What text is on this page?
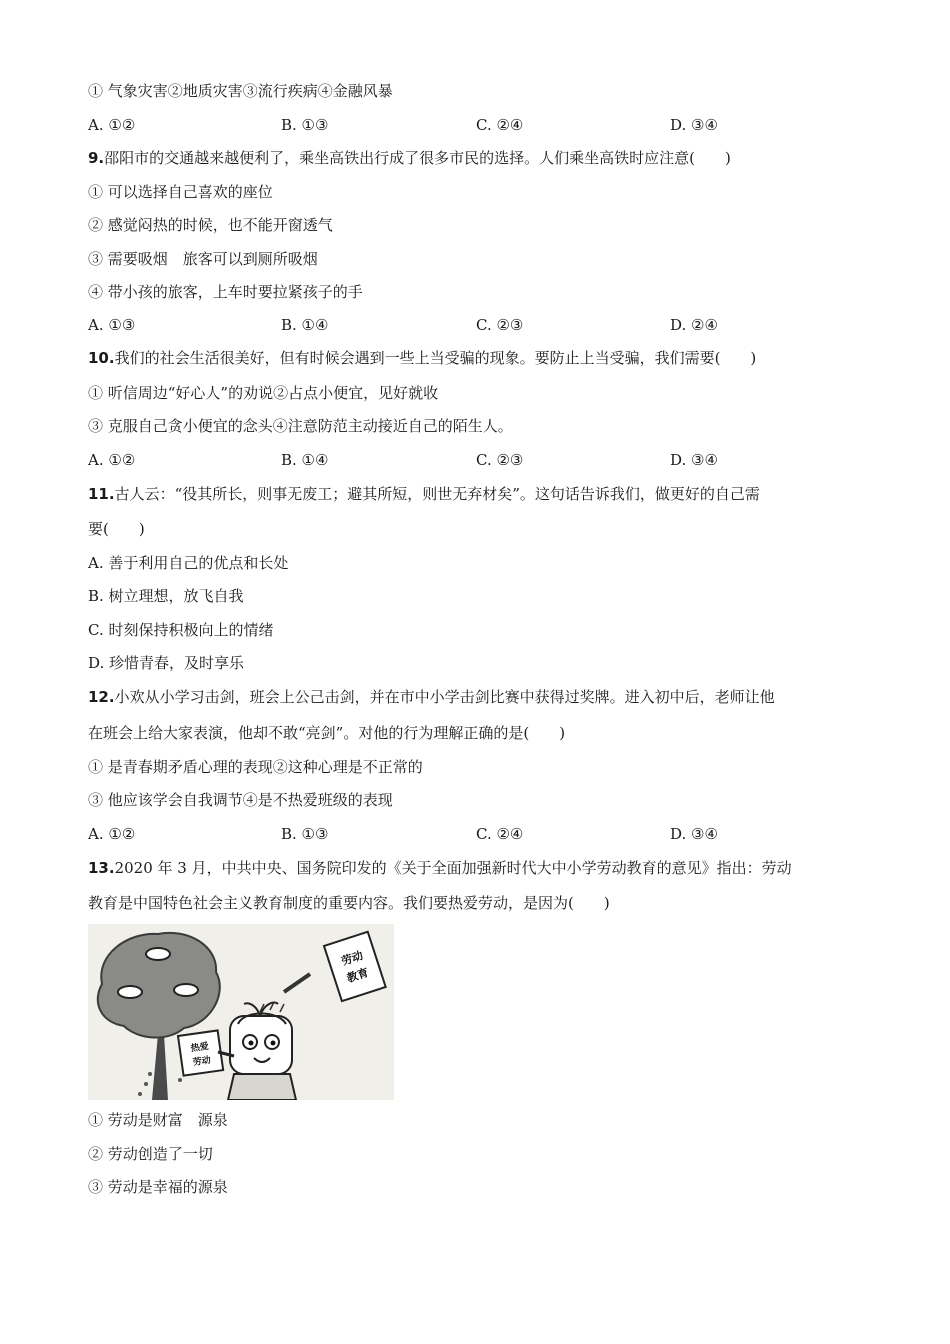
① 气象灾害②地质灾害③流行疾病④金融风暴
A. ①②	B. ①③	C. ②④	D. ③④
9.邵阳市的交通越来越便利了，乘坐高铁出行成了很多市民的选择。人们乘坐高铁时应注意(　　)
① 可以选择自己喜欢的座位
② 感觉闷热的时候，也不能开窗透气
③ 需要吸烟　旅客可以到厕所吸烟
④ 带小孩的旅客，上车时要拉紧孩子的手
A. ①③	B. ①④	C. ②③	D. ②④
10.我们的社会生活很美好，但有时候会遇到一些上当受骗的现象。要防止上当受骗，我们需要(　　)
① 听信周边“好心人”的劝说②占点小便宜，见好就收
③ 克服自己贪小便宜的念头④注意防范主动接近自己的陌生人。
A. ①②	B. ①④	C. ②③	D. ③④
11.古人云：“役其所长，则事无废工；避其所短，则世无弃材矣”。这句话告诉我们，做更好的自己需
要(　　)
A. 善于利用自己的优点和长处
B. 树立理想，放飞自我
C. 时刻保持积极向上的情绪
D. 珍惜青春，及时享乐
12.小欢从小学习击剑，班会上公己击剑，并在市中小学击剑比赛中获得过奖牌。进入初中后，老师让他
在班会上给大家表演，他却不敢“亮剑”。对他的行为理解正确的是(　　)
① 是青春期矛盾心理的表现②这种心理是不正常的
③ 他应该学会自我调节④是不热爱班级的表现
A. ①②	B. ①③	C. ②④	D. ③④
13.2020 年 3 月，中共中央、国务院印发的《关于全面加强新时代大中小学劳动教育的意见》指出：劳动
教育是中国特色社会主义教育制度的重要内容。我们要热爱劳动，是因为(　　)
劳动
教育
热爱
劳动
① 劳动是财富　源泉
② 劳动创造了一切
③ 劳动是幸福的源泉
